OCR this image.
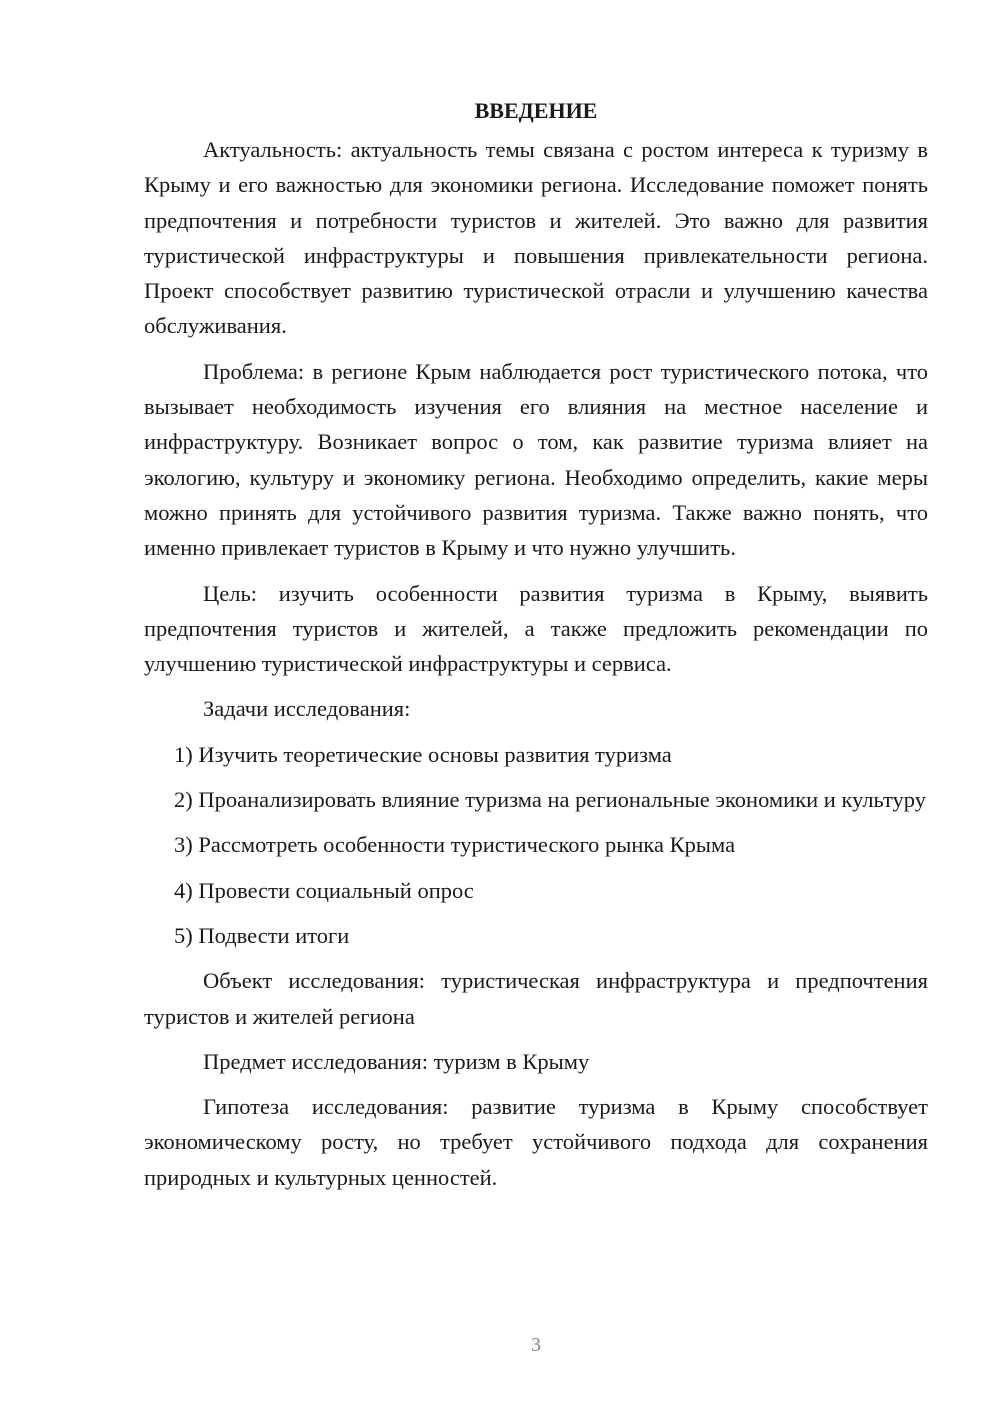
ВВЕДЕНИЕ

Актуальность: актуальность темы связана с ростом интереса к туризму в Крыму и его важностью для экономики региона. Исследование поможет понять предпочтения и потребности туристов и жителей. Это важно для развития туристической инфраструктуры и повышения привлекательности региона. Проект способствует развитию туристической отрасли и улучшению качества обслуживания.

Проблема: в регионе Крым наблюдается рост туристического потока, что вызывает необходимость изучения его влияния на местное население и инфраструктуру. Возникает вопрос о том, как развитие туризма влияет на экологию, культуру и экономику региона. Необходимо определить, какие меры можно принять для устойчивого развития туризма. Также важно понять, что именно привлекает туристов в Крыму и что нужно улучшить.

Цель: изучить особенности развития туризма в Крыму, выявить предпочтения туристов и жителей, а также предложить рекомендации по улучшению туристической инфраструктуры и сервиса.

Задачи исследования:

1) Изучить теоретические основы развития туризма

2) Проанализировать влияние туризма на региональные экономики и культуру

3) Рассмотреть особенности туристического рынка Крыма

4) Провести социальный опрос

5) Подвести итоги

Объект исследования: туристическая инфраструктура и предпочтения туристов и жителей региона

Предмет исследования: туризм в Крыму

Гипотеза исследования: развитие туризма в Крыму способствует экономическому росту, но требует устойчивого подхода для сохранения природных и культурных ценностей.

3
